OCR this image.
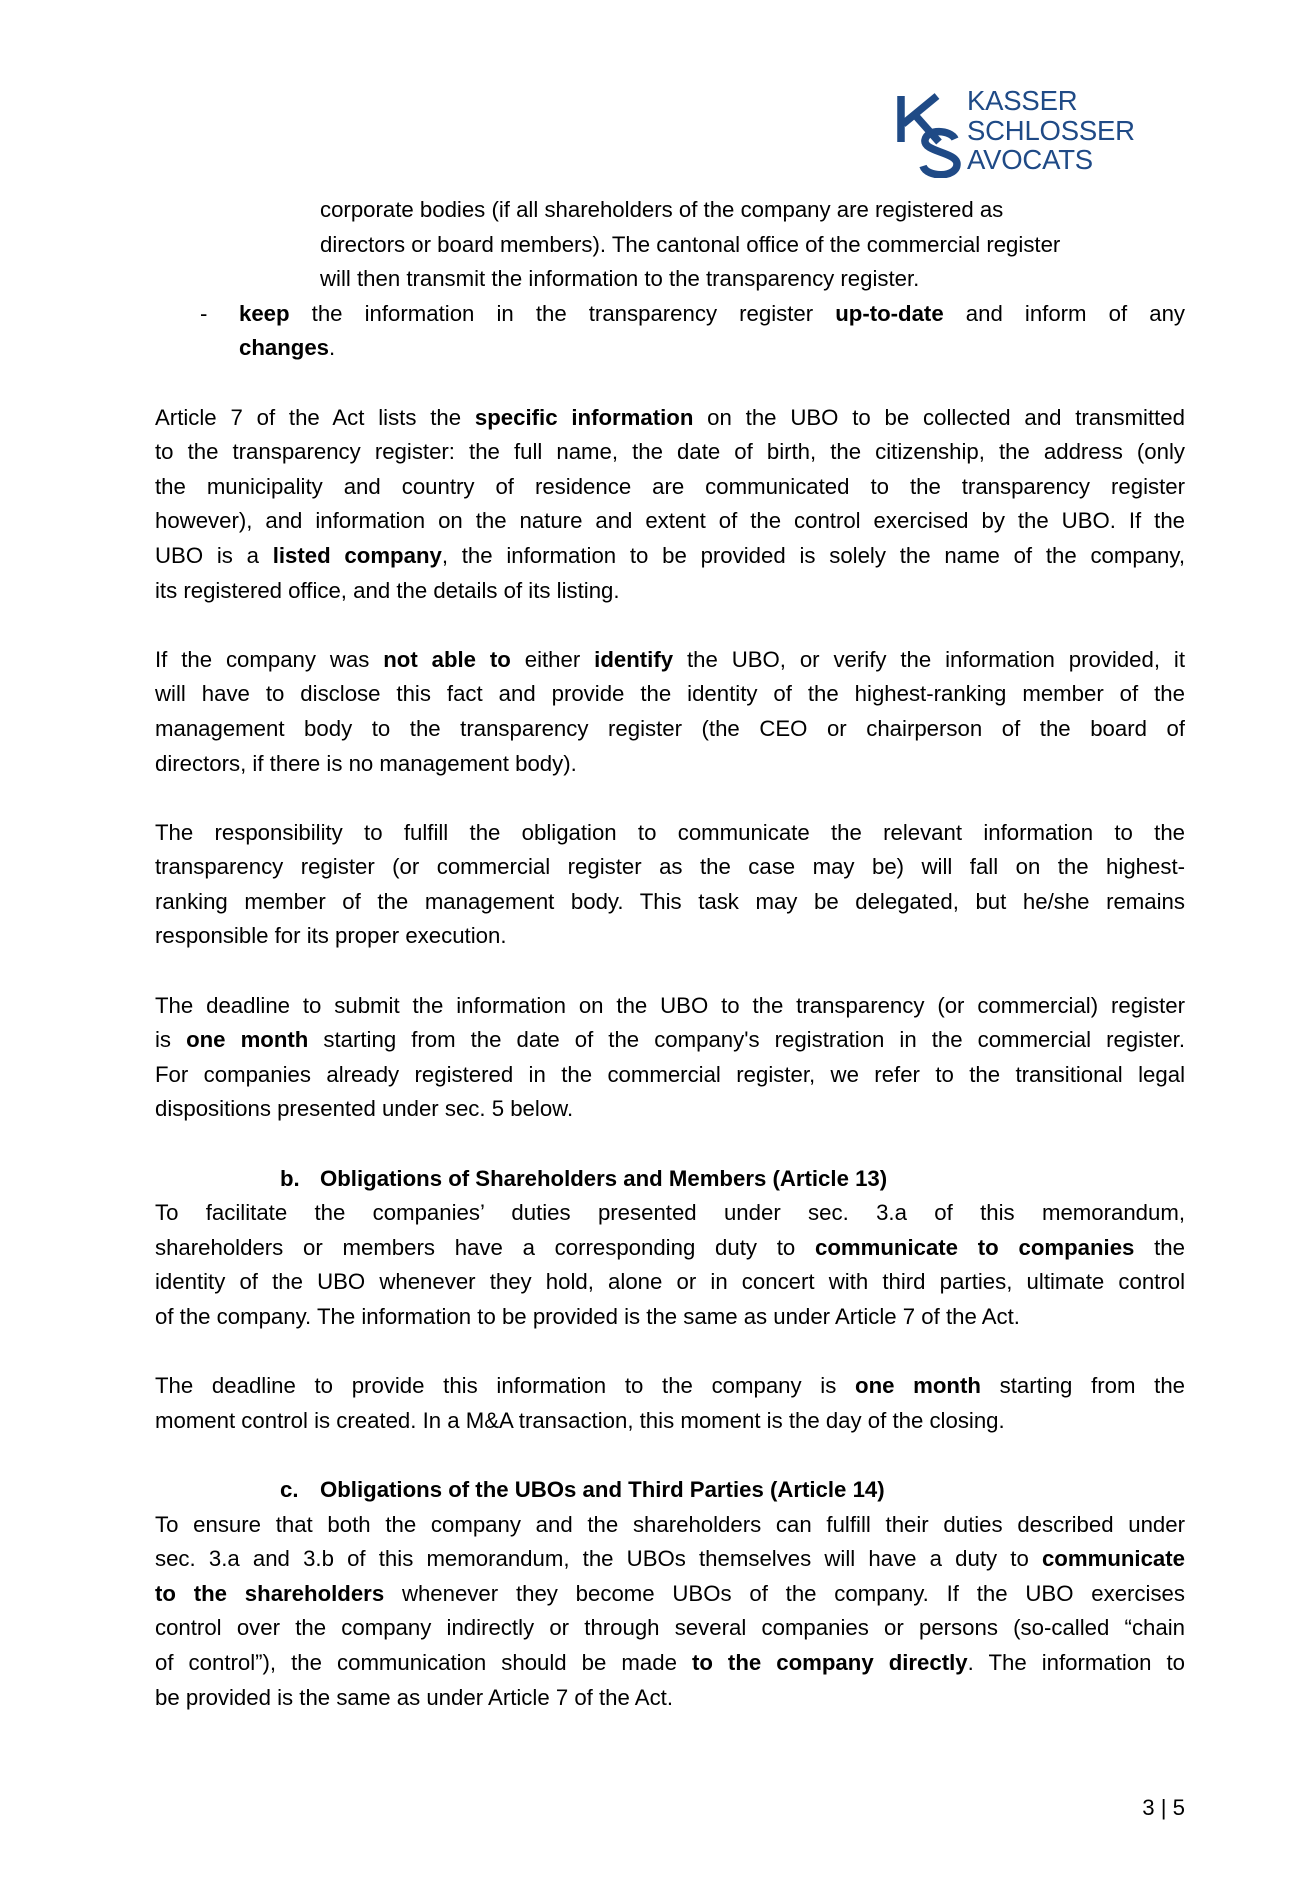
KASSER
SCHLOSSER
AVOCATS
corporate bodies (if all shareholders of the company are registered as
directors or board members). The cantonal office of the commercial register
will then transmit the information to the transparency register.
- keep the information in the transparency register up-to-date and inform of any
changes.
Article 7 of the Act lists the specific information on the UBO to be collected and transmitted
to the transparency register: the full name, the date of birth, the citizenship, the address (only
the municipality and country of residence are communicated to the transparency register
however), and information on the nature and extent of the control exercised by the UBO. If the
UBO is a listed company, the information to be provided is solely the name of the company,
its registered office, and the details of its listing.
If the company was not able to either identify the UBO, or verify the information provided, it
will have to disclose this fact and provide the identity of the highest-ranking member of the
management body to the transparency register (the CEO or chairperson of the board of
directors, if there is no management body).
The responsibility to fulfill the obligation to communicate the relevant information to the
transparency register (or commercial register as the case may be) will fall on the highest-
ranking member of the management body. This task may be delegated, but he/she remains
responsible for its proper execution.
The deadline to submit the information on the UBO to the transparency (or commercial) register
is one month starting from the date of the company's registration in the commercial register.
For companies already registered in the commercial register, we refer to the transitional legal
dispositions presented under sec. 5 below.
b. Obligations of Shareholders and Members (Article 13)
To facilitate the companies’ duties presented under sec. 3.a of this memorandum,
shareholders or members have a corresponding duty to communicate to companies the
identity of the UBO whenever they hold, alone or in concert with third parties, ultimate control
of the company. The information to be provided is the same as under Article 7 of the Act.
The deadline to provide this information to the company is one month starting from the
moment control is created. In a M&A transaction, this moment is the day of the closing.
c. Obligations of the UBOs and Third Parties (Article 14)
To ensure that both the company and the shareholders can fulfill their duties described under
sec. 3.a and 3.b of this memorandum, the UBOs themselves will have a duty to communicate
to the shareholders whenever they become UBOs of the company. If the UBO exercises
control over the company indirectly or through several companies or persons (so-called “chain
of control”), the communication should be made to the company directly. The information to
be provided is the same as under Article 7 of the Act.
3 | 5
